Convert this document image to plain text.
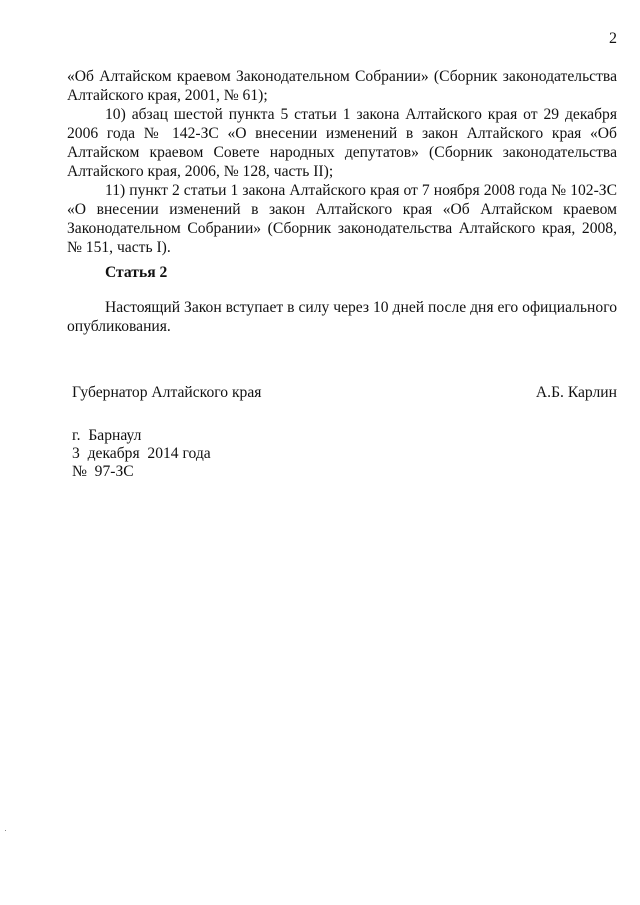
2

«Об Алтайском краевом Законодательном Собрании» (Сборник законодательства Алтайского края, 2001, № 61);

10) абзац шестой пункта 5 статьи 1 закона Алтайского края от 29 декабря 2006 года № 142-ЗС «О внесении изменений в закон Алтайского края «Об Алтайском краевом Совете народных депутатов» (Сборник законодательства Алтайского края, 2006, № 128, часть II);

11) пункт 2 статьи 1 закона Алтайского края от 7 ноября 2008 года № 102-ЗС «О внесении изменений в закон Алтайского края «Об Алтайском краевом Законодательном Собрании» (Сборник законодательства Алтайского края, 2008, № 151, часть I).

Статья 2

Настоящий Закон вступает в силу через 10 дней после дня его официального опубликования.

Губернатор Алтайского края	А.Б. Карлин
г.  Барнаул
3  декабря  2014 года
№  97-ЗС
